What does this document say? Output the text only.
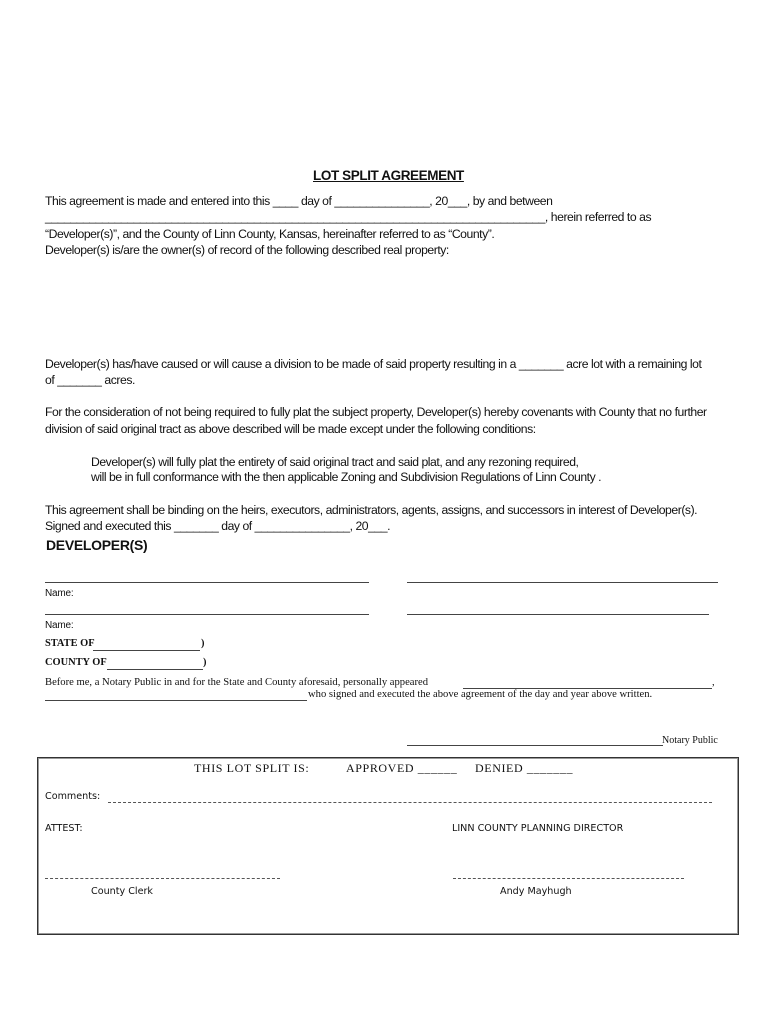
LOT SPLIT AGREEMENT
This agreement is made and entered into this ____ day of _______________, 20___, by and between
_______________________________________________________________________________, herein referred to as
“Developer(s)”, and the County of Linn County, Kansas, hereinafter referred to as “County”.
Developer(s) is/are the owner(s) of record of the following described real property:
Developer(s) has/have caused or will cause a division to be made of said property resulting in a _______ acre lot with a remaining lot
of _______ acres.
For the consideration of not being required to fully plat the subject property, Developer(s) hereby covenants with County that no further
division of said original tract as above described will be made except under the following conditions:
Developer(s) will fully plat the entirety of said original tract and said plat, and any rezoning required,
will be in full conformance with the then applicable Zoning and Subdivision Regulations of Linn County .
This agreement shall be binding on the heirs, executors, administrators, agents, assigns, and successors in interest of Developer(s).
Signed and executed this _______ day of _______________, 20___.
DEVELOPER(S)
Name:
Name:
STATE OF	)
COUNTY OF	)
Before me, a Notary Public in and for the State and County aforesaid, personally appeared	,
who signed and executed the above agreement of the day and year above written.
Notary Public
THIS LOT SPLIT IS:	APPROVED ______ DENIED _______
Comments:
ATTEST:	LINN COUNTY PLANNING DIRECTOR
County Clerk	Andy Mayhugh
